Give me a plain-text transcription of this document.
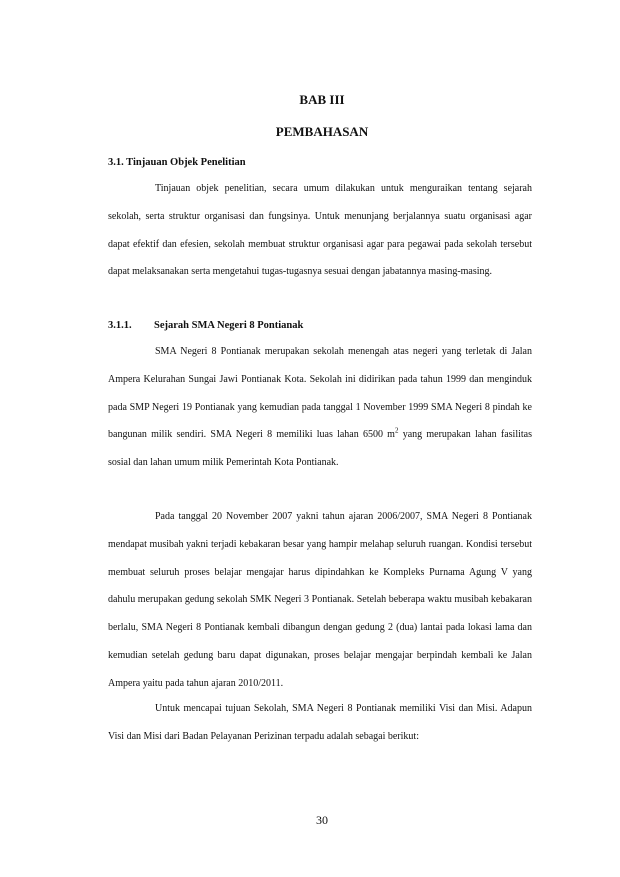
BAB III
PEMBAHASAN
3.1. Tinjauan Objek Penelitian

Tinjauan objek penelitian, secara umum dilakukan untuk menguraikan tentang sejarah sekolah, serta struktur organisasi dan fungsinya. Untuk menunjang berjalannya suatu organisasi agar dapat efektif dan efesien, sekolah membuat struktur organisasi agar para pegawai pada sekolah tersebut dapat melaksanakan serta mengetahui tugas-tugasnya sesuai dengan jabatannya masing-masing.

3.1.1. Sejarah SMA Negeri 8 Pontianak

SMA Negeri 8 Pontianak merupakan sekolah menengah atas negeri yang terletak di Jalan Ampera Kelurahan Sungai Jawi Pontianak Kota. Sekolah ini didirikan pada tahun 1999 dan menginduk pada SMP Negeri 19 Pontianak yang kemudian pada tanggal 1 November 1999 SMA Negeri 8 pindah ke bangunan milik sendiri. SMA Negeri 8 memiliki luas lahan 6500 $m^2$ yang merupakan lahan fasilitas sosial dan lahan umum milik Pemerintah Kota Pontianak.

Pada tanggal 20 November 2007 yakni tahun ajaran 2006/2007, SMA Negeri 8 Pontianak mendapat musibah yakni terjadi kebakaran besar yang hampir melahap seluruh ruangan. Kondisi tersebut membuat seluruh proses belajar mengajar harus dipindahkan ke Kompleks Purnama Agung V yang dahulu merupakan gedung sekolah SMK Negeri 3 Pontianak. Setelah beberapa waktu musibah kebakaran berlalu, SMA Negeri 8 Pontianak kembali dibangun dengan gedung 2 (dua) lantai pada lokasi lama dan kemudian setelah gedung baru dapat digunakan, proses belajar mengajar berpindah kembali ke Jalan Ampera yaitu pada tahun ajaran 2010/2011.

Untuk mencapai tujuan Sekolah, SMA Negeri 8 Pontianak memiliki Visi dan Misi. Adapun Visi dan Misi dari Badan Pelayanan Perizinan terpadu adalah sebagai berikut:

30
